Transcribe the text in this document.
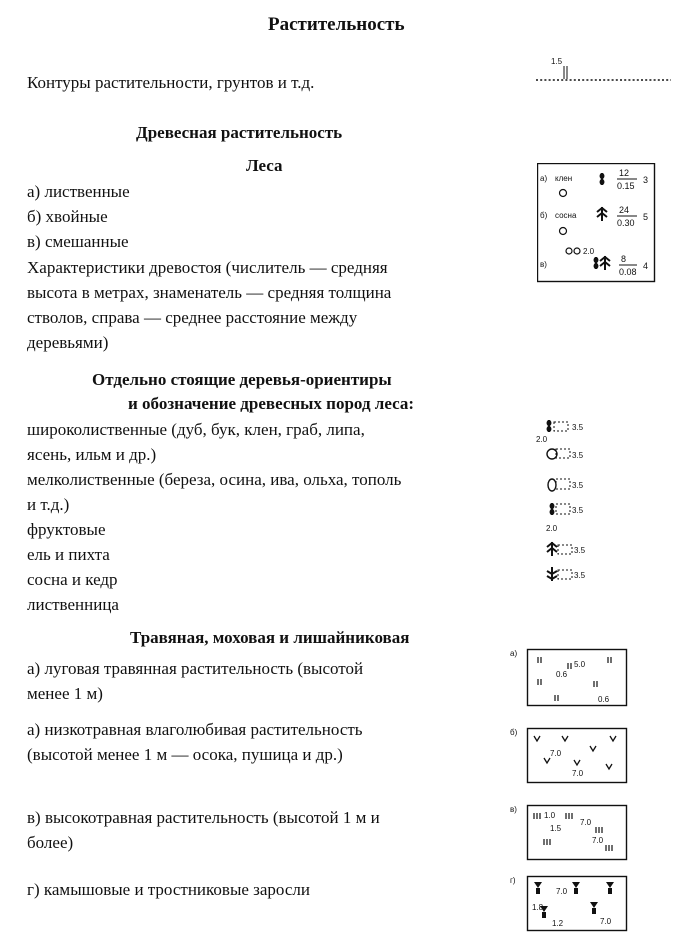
Растительность
Контуры растительности, грунтов и т.д.
1.5
Древесная растительность
Леса
а) лиственные
б) хвойные
в) смешанные
Характеристики древостоя (числитель — средняя
высота в метрах, знаменатель — средняя толщина
стволов, справа — среднее расстояние между
деревьями)
а) клен
12
0.15
3
б) сосна
24
0.30
5
2.0
в)
8
0.08
4
Отдельно стоящие деревья-ориентиры
и обозначение древесных пород леса:
широколиственные (дуб, бук, клен, граб, липа,
ясень, ильм и др.)
мелколиственные (береза, осина, ива, ольха, тополь
и т.д.)
фруктовые
ель и пихта
сосна и кедр
лиственница
3.5
2.0
3.5
3.5
3.5
2.0
3.5
3.5
Травяная, моховая и лишайниковая
а) луговая травянная растительность (высотой
менее 1 м)
а) низкотравная влаголюбивая растительность
(высотой менее 1 м — осока, пушица и др.)
в) высокотравная растительность (высотой 1 м и
более)
г) камышовые и тростниковые заросли
а)
5.0
0.6
0.6
б)
7.0
7.0
в)
1.0
1.5
7.0
7.0
г)
7.0
1.8
1.2	7.0
